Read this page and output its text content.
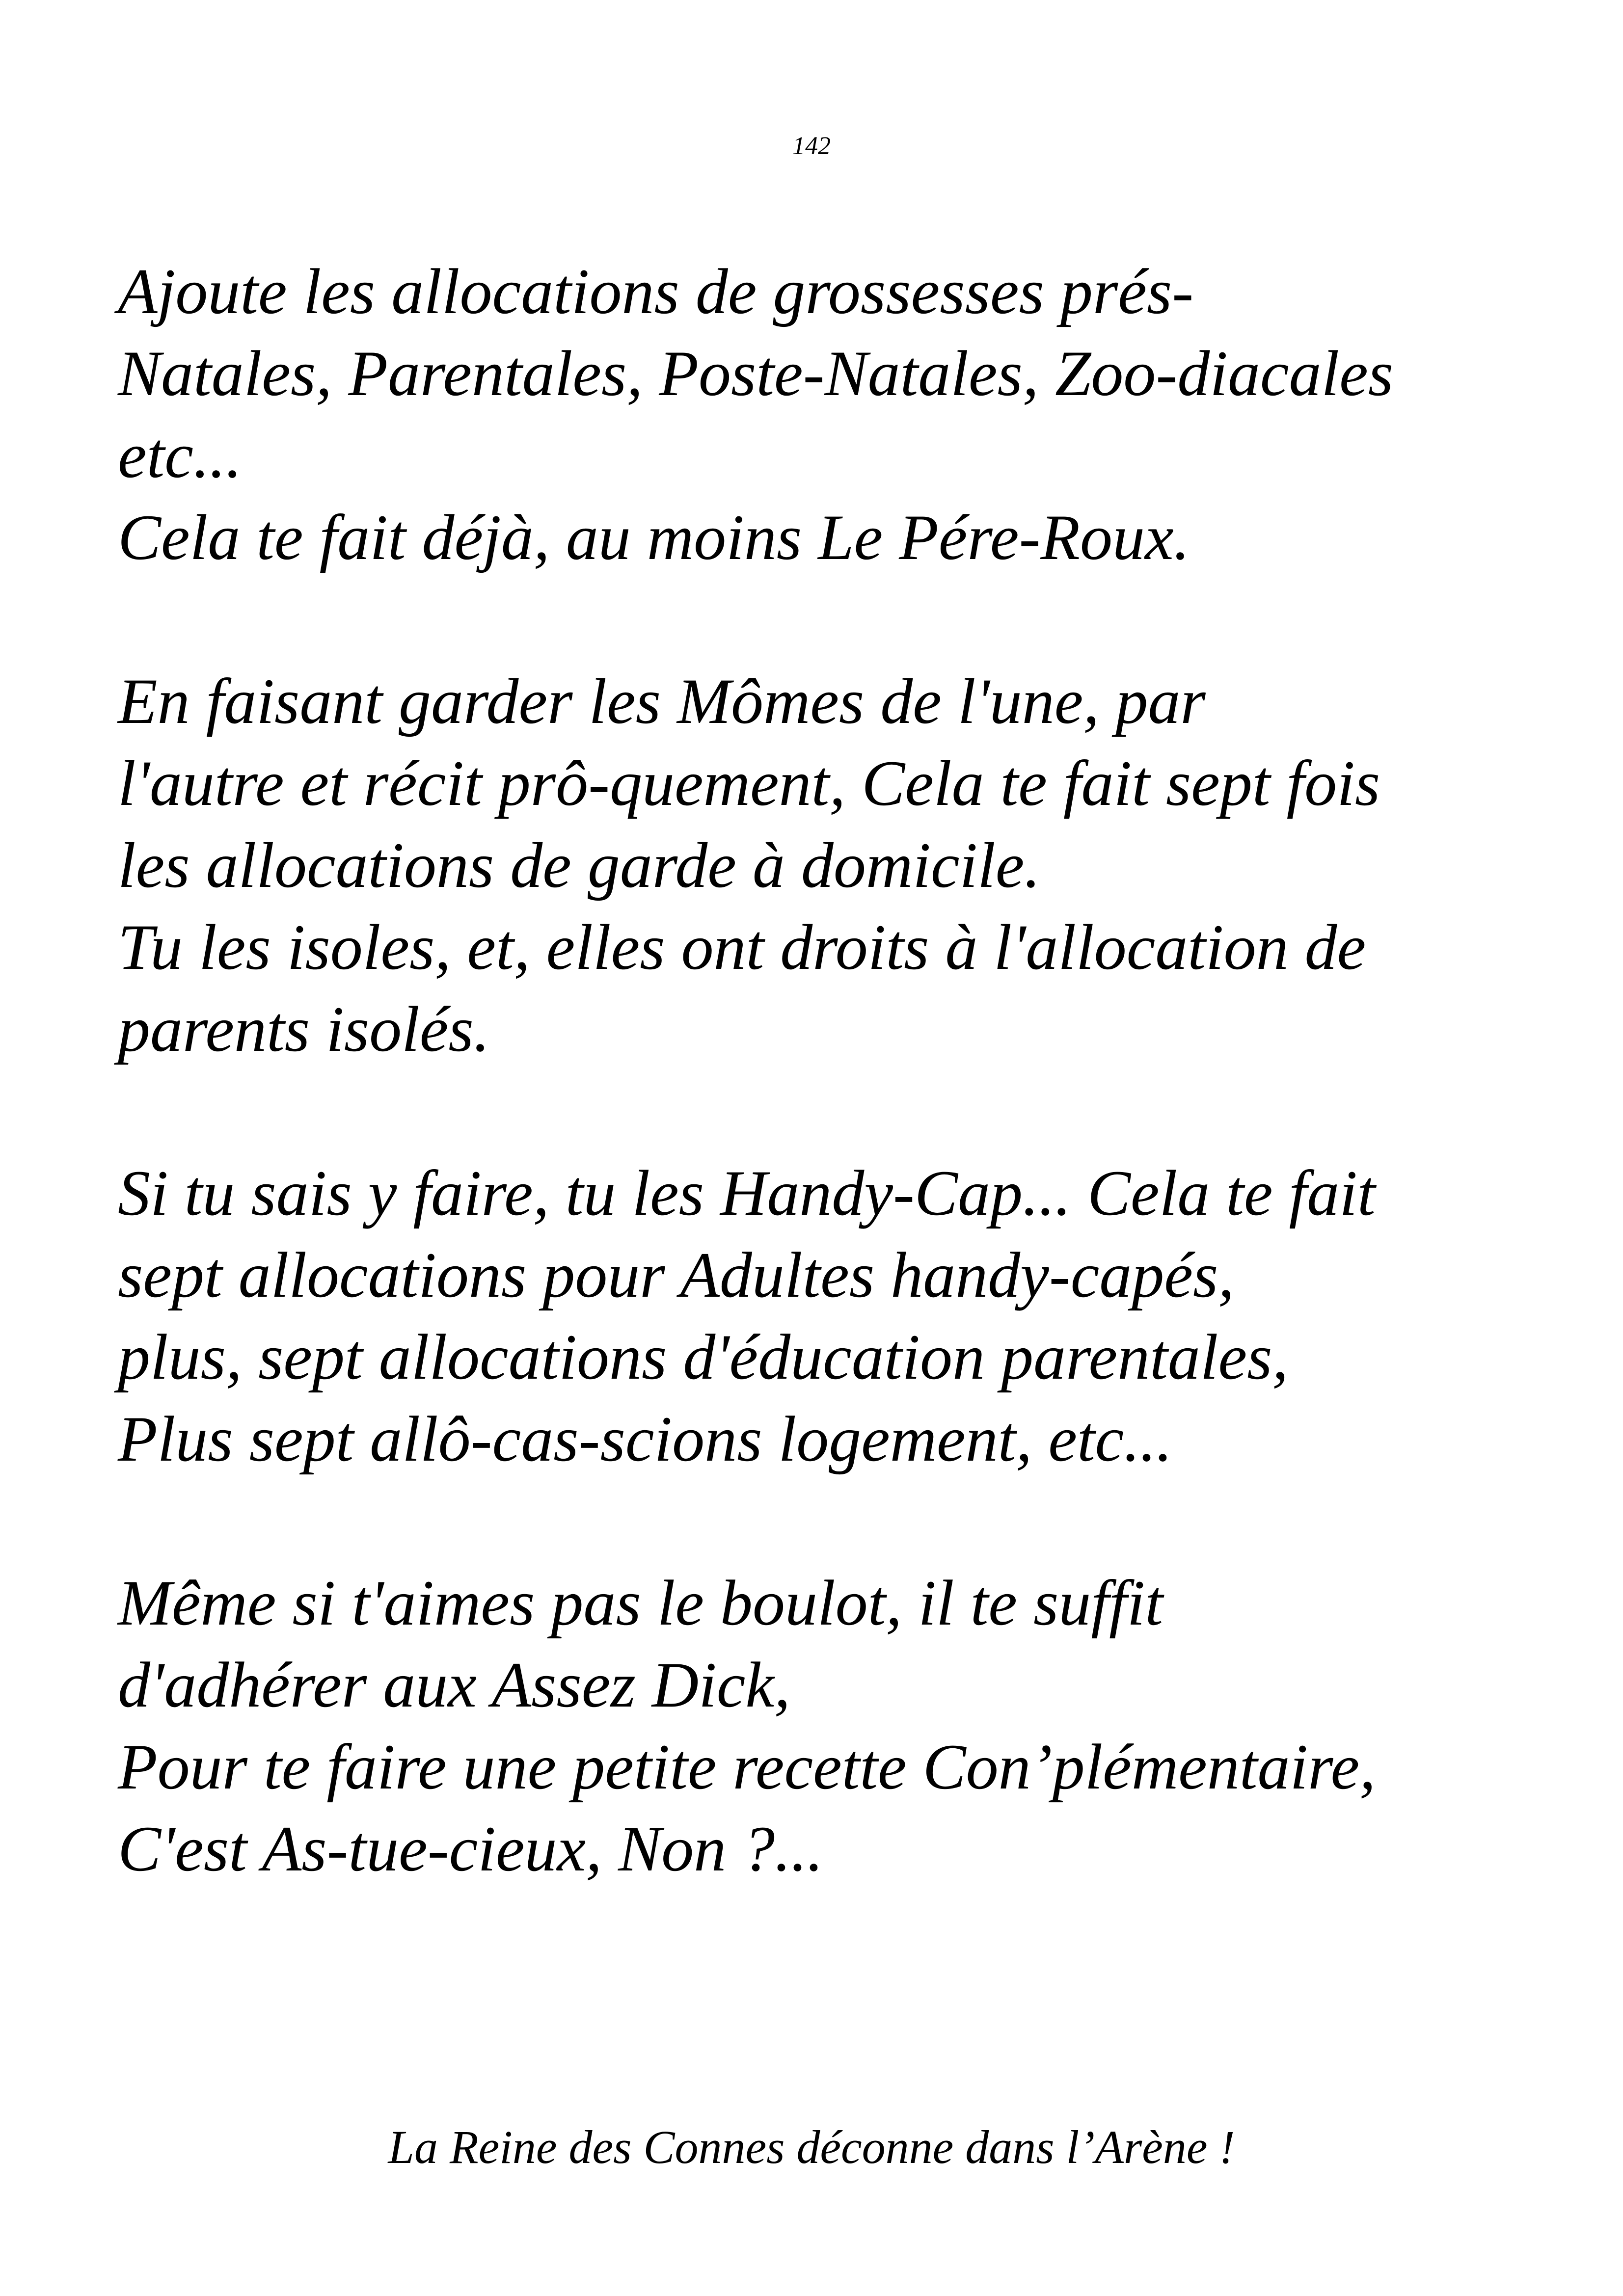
142
Ajoute les allocations de grossesses prés-
Natales, Parentales, Poste-Natales, Zoo-diacales
etc...
Cela te fait déjà, au moins Le Pére-Roux.
En faisant garder les Mômes de l'une, par
l'autre et récit prô-quement, Cela te fait sept fois
les allocations de garde à domicile.
Tu les isoles, et, elles ont droits à l'allocation de
parents isolés.
Si tu sais y faire, tu les Handy-Cap... Cela te fait
sept allocations pour Adultes handy-capés,
plus, sept allocations d'éducation parentales,
Plus sept allô-cas-scions logement, etc...
Même si t'aimes pas le boulot, il te suffit
d'adhérer aux Assez Dick,
Pour te faire une petite recette Con’plémentaire,
C'est As-tue-cieux, Non ?...
La Reine des Connes déconne dans l’Arène !
